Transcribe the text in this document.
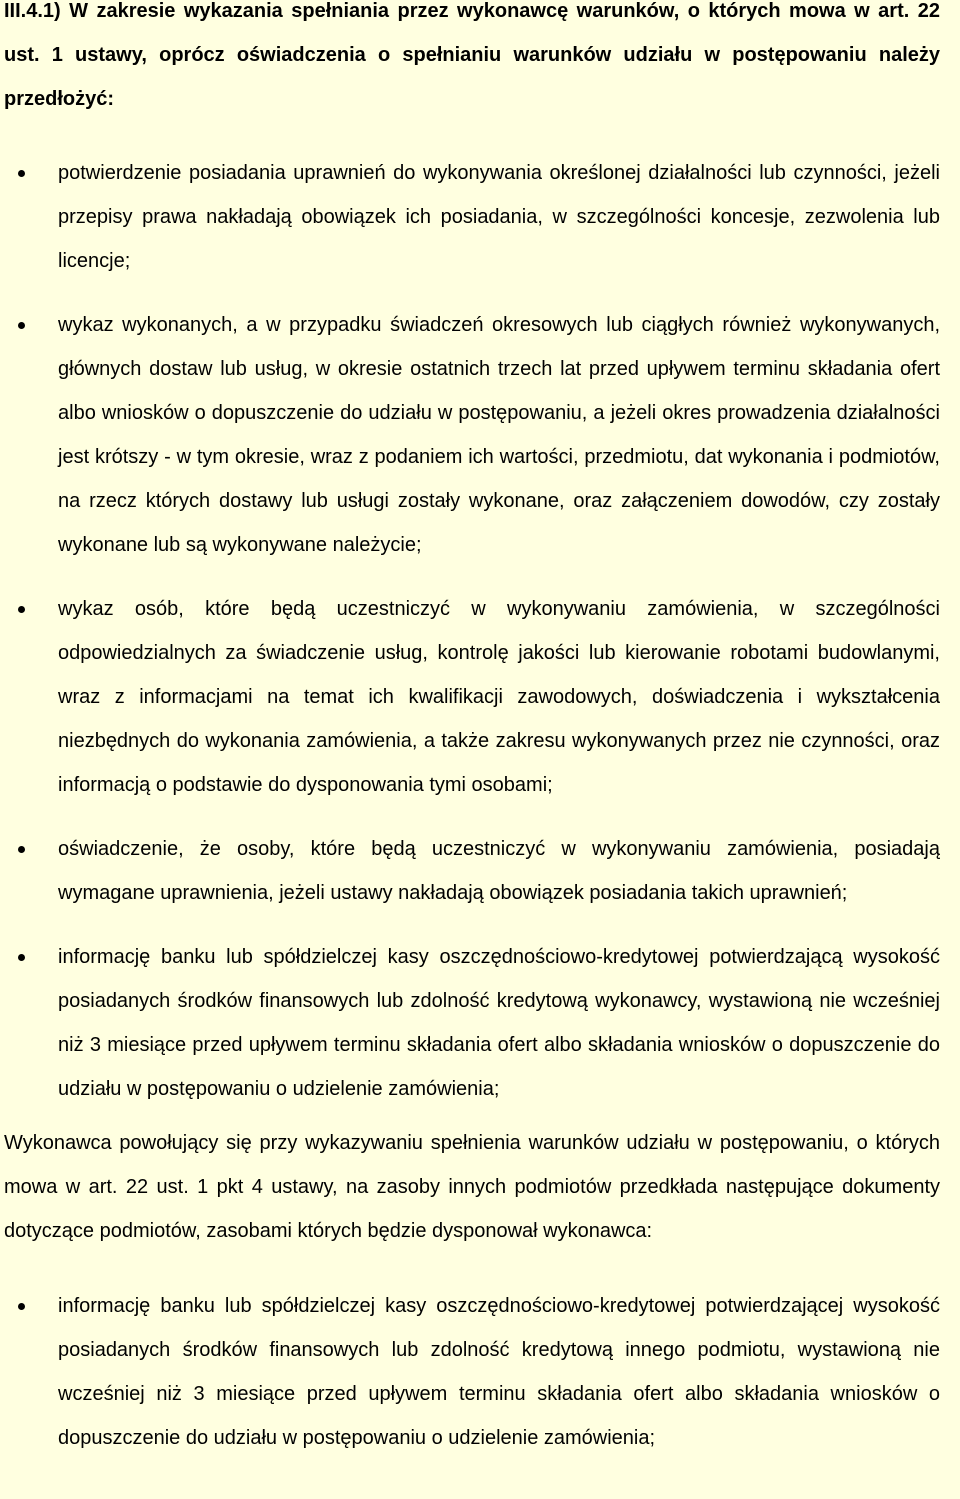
III.4.1) W zakresie wykazania spełniania przez wykonawcę warunków, o których mowa w art. 22 ust. 1 ustawy, oprócz oświadczenia o spełnianiu warunków udziału w postępowaniu należy przedłożyć:

potwierdzenie posiadania uprawnień do wykonywania określonej działalności lub czynności, jeżeli przepisy prawa nakładają obowiązek ich posiadania, w szczególności koncesje, zezwolenia lub licencje;
wykaz wykonanych, a w przypadku świadczeń okresowych lub ciągłych również wykonywanych, głównych dostaw lub usług, w okresie ostatnich trzech lat przed upływem terminu składania ofert albo wniosków o dopuszczenie do udziału w postępowaniu, a jeżeli okres prowadzenia działalności jest krótszy - w tym okresie, wraz z podaniem ich wartości, przedmiotu, dat wykonania i podmiotów, na rzecz których dostawy lub usługi zostały wykonane, oraz załączeniem dowodów, czy zostały wykonane lub są wykonywane należycie;
wykaz osób, które będą uczestniczyć w wykonywaniu zamówienia, w szczególności odpowiedzialnych za świadczenie usług, kontrolę jakości lub kierowanie robotami budowlanymi, wraz z informacjami na temat ich kwalifikacji zawodowych, doświadczenia i wykształcenia niezbędnych do wykonania zamówienia, a także zakresu wykonywanych przez nie czynności, oraz informacją o podstawie do dysponowania tymi osobami;
oświadczenie, że osoby, które będą uczestniczyć w wykonywaniu zamówienia, posiadają wymagane uprawnienia, jeżeli ustawy nakładają obowiązek posiadania takich uprawnień;
informację banku lub spółdzielczej kasy oszczędnościowo-kredytowej potwierdzającą wysokość posiadanych środków finansowych lub zdolność kredytową wykonawcy, wystawioną nie wcześniej niż 3 miesiące przed upływem terminu składania ofert albo składania wniosków o dopuszczenie do udziału w postępowaniu o udzielenie zamówienia;

Wykonawca powołujący się przy wykazywaniu spełnienia warunków udziału w postępowaniu, o których mowa w art. 22 ust. 1 pkt 4 ustawy, na zasoby innych podmiotów przedkłada następujące dokumenty dotyczące podmiotów, zasobami których będzie dysponował wykonawca:

informację banku lub spółdzielczej kasy oszczędnościowo-kredytowej potwierdzającej wysokość posiadanych środków finansowych lub zdolność kredytową innego podmiotu, wystawioną nie wcześniej niż 3 miesiące przed upływem terminu składania ofert albo składania wniosków o dopuszczenie do udziału w postępowaniu o udzielenie zamówienia;
